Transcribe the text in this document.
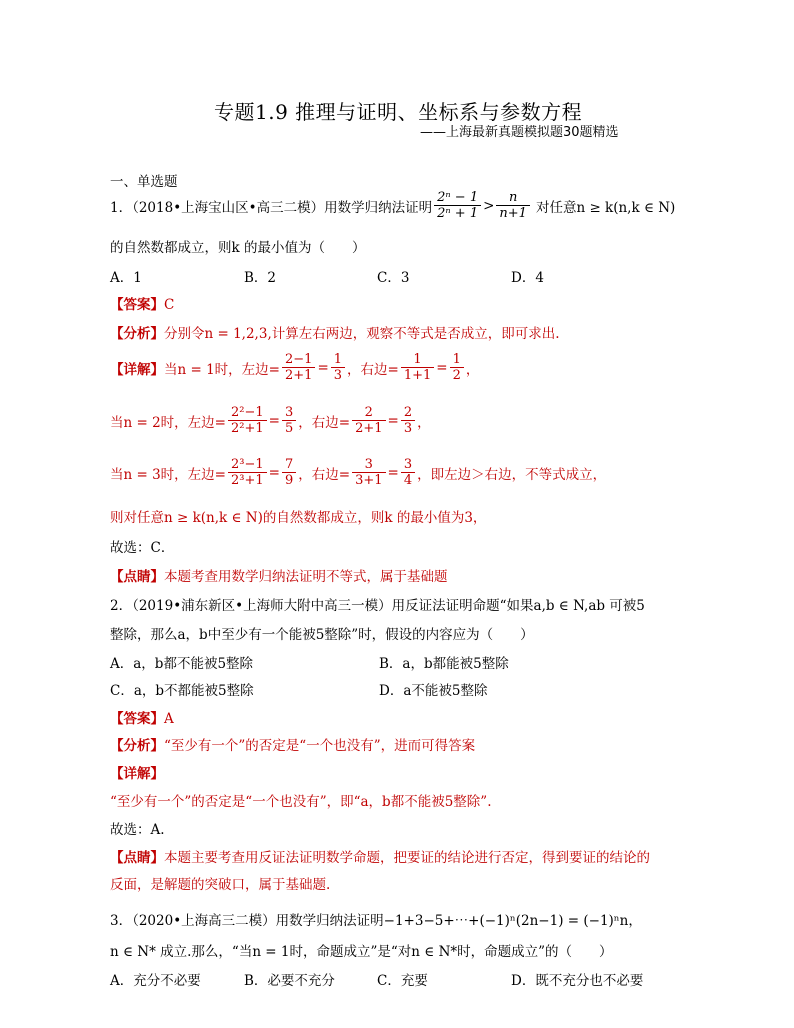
专题1.9 推理与证明、坐标系与参数方程
——上海最新真题模拟题30题精选
一、单选题
1．（2018•上海宝山区•高三二模）用数学归纳法证明 $\frac{\text{2ⁿ − 1}}{\text{2ⁿ + 1}} > \frac{n}{n+1}$ 对任意n ≥ k(n,k ∈ N)
的自然数都成立，则k 的最小值为（　　）
A．1	B．2	C．3	D．4
【答案】C
【分析】分别令n = 1,2,3,计算左右两边，观察不等式是否成立，即可求出.
【详解】 当n = 1时，左边= $\frac{2-1}{2+1} = \frac{1}{3}$ ，右边= $\frac{1}{1+1} = \frac{1}{2}$ ，
当n = 2时，左边= $\frac{\text{2²−1}}{\text{2²+1}} = \frac{3}{5}$ ，右边= $\frac{2}{2+1} = \frac{2}{3}$ ，
当n = 3时，左边= $\frac{\text{2³−1}}{\text{2³+1}} = \frac{7}{9}$ ，右边= $\frac{3}{3+1} = \frac{3}{4}$ ，即左边＞右边，不等式成立，
则对任意n ≥ k(n,k ∈ N)的自然数都成立，则k 的最小值为3，
故选：C．
【点睛】本题考查用数学归纳法证明不等式，属于基础题
2．（2019•浦东新区•上海师大附中高三一模）用反证法证明命题“如果a,b ∈ N,ab 可被5
整除，那么a，b中至少有一个能被5整除”时，假设的内容应为（　　）
A．a，b都不能被5整除	B．a，b都能被5整除
C．a，b不都能被5整除	D．a不能被5整除
【答案】A
【分析】“至少有一个”的否定是“一个也没有”，进而可得答案
【详解】
“至少有一个”的否定是“一个也没有”，即“a，b都不能被5整除”.
故选：A.
【点睛】本题主要考查用反证法证明数学命题，把要证的结论进行否定，得到要证的结论的
反面，是解题的突破口，属于基础题.
3．（2020•上海高三二模）用数学归纳法证明−1+3−5+⋯+(−1)ⁿ(2n−1) = (−1)ⁿn，
n ∈ N* 成立.那么，“当n = 1时，命题成立”是“对n ∈ N*时，命题成立”的（　　）
A．充分不必要	B．必要不充分	C．充要	D．既不充分也不必要
